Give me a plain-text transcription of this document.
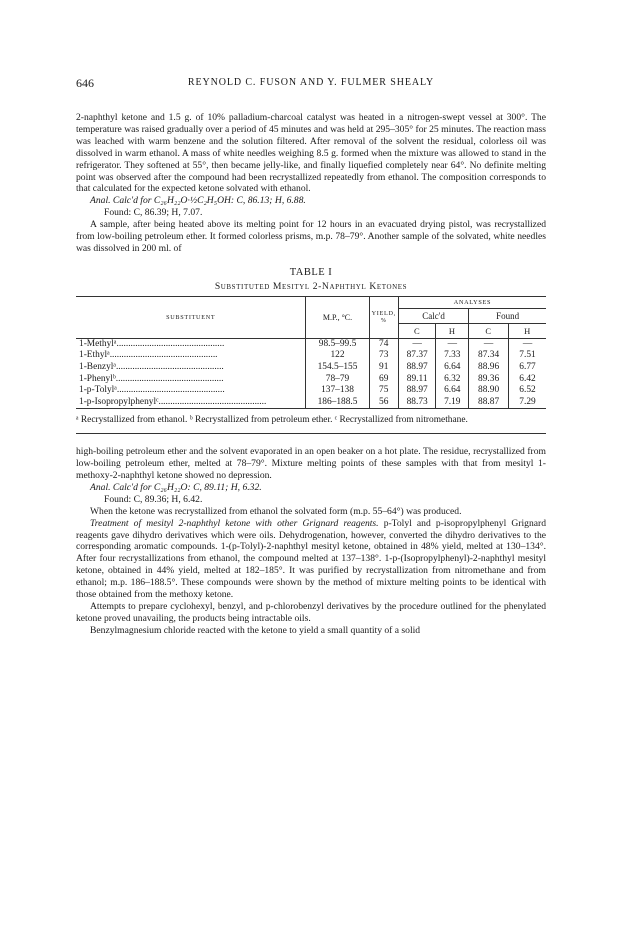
646	REYNOLD C. FUSON AND Y. FULMER SHEALY

2-naphthyl ketone and 1.5 g. of 10% palladium-charcoal catalyst was heated in a nitrogen-swept vessel at 300°. The temperature was raised gradually over a period of 45 minutes and was held at 295–305° for 25 minutes. The reaction mass was leached with warm benzene and the solution filtered. After removal of the solvent the residual, colorless oil was dissolved in warm ethanol. A mass of white needles weighing 8.5 g. formed when the mixture was allowed to stand in the refrigerator. They softened at 55°, then became jelly-like, and finally liquefied completely near 64°. No definite melting point was observed after the compound had been recrystallized repeatedly from ethanol. The composition corresponds to that calculated for the expected ketone solvated with ethanol.

Anal. Calc'd for C₂₆H₂₂O·½C₂H₅OH: C, 86.13; H, 6.88.

Found: C, 86.39; H, 7.07.

A sample, after being heated above its melting point for 12 hours in an evacuated drying pistol, was recrystallized from low-boiling petroleum ether. It formed colorless prisms, m.p. 78–79°. Another sample of the solvated, white needles was dissolved in 200 ml. of

TABLE I
Substituted Mesityl 2-Naphthyl Ketones
SUBSTITUENT	M.P., °C.	YIELD, %	ANALYSES			
			Calc'd		Found	
			C	H	C	H
1-Methylᵃ..............................................	98.5–99.5	74	—	—	—	—
1-Ethylᵃ..............................................	122	73	87.37	7.33	87.34	7.51
1-Benzylᵃ..............................................	154.5–155	91	88.97	6.64	88.96	6.77
1-Phenylᵇ..............................................	78–79	69	89.11	6.32	89.36	6.42
1-p-Tolylᵃ..............................................	137–138	75	88.97	6.64	88.90	6.52
1-p-Isopropylphenylᶜ..............................................	186–188.5	56	88.73	7.19	88.87	7.29

ᵃ Recrystallized from ethanol. ᵇ Recrystallized from petroleum ether. ᶜ Recrystallized from nitromethane.

high-boiling petroleum ether and the solvent evaporated in an open beaker on a hot plate. The residue, recrystallized from low-boiling petroleum ether, melted at 78–79°. Mixture melting points of these samples with that from mesityl 1-methoxy-2-naphthyl ketone showed no depression.

Anal. Calc'd for C₂₆H₂₂O: C, 89.11; H, 6.32.

Found: C, 89.36; H, 6.42.

When the ketone was recrystallized from ethanol the solvated form (m.p. 55–64°) was produced.

Treatment of mesityl 2-naphthyl ketone with other Grignard reagents. p-Tolyl and p-isopropylphenyl Grignard reagents gave dihydro derivatives which were oils. Dehydrogenation, however, converted the dihydro derivatives to the corresponding aromatic compounds. 1-(p-Tolyl)-2-naphthyl mesityl ketone, obtained in 48% yield, melted at 130–134°. After four recrystallizations from ethanol, the compound melted at 137–138°. 1-p-(Isopropylphenyl)-2-naphthyl mesityl ketone, obtained in 44% yield, melted at 182–185°. It was purified by recrystallization from nitromethane and from ethanol; m.p. 186–188.5°. These compounds were shown by the method of mixture melting points to be identical with those obtained from the methoxy ketone.

Attempts to prepare cyclohexyl, benzyl, and p-chlorobenzyl derivatives by the procedure outlined for the phenylated ketone proved unavailing, the products being intractable oils.

Benzylmagnesium chloride reacted with the ketone to yield a small quantity of a solid
